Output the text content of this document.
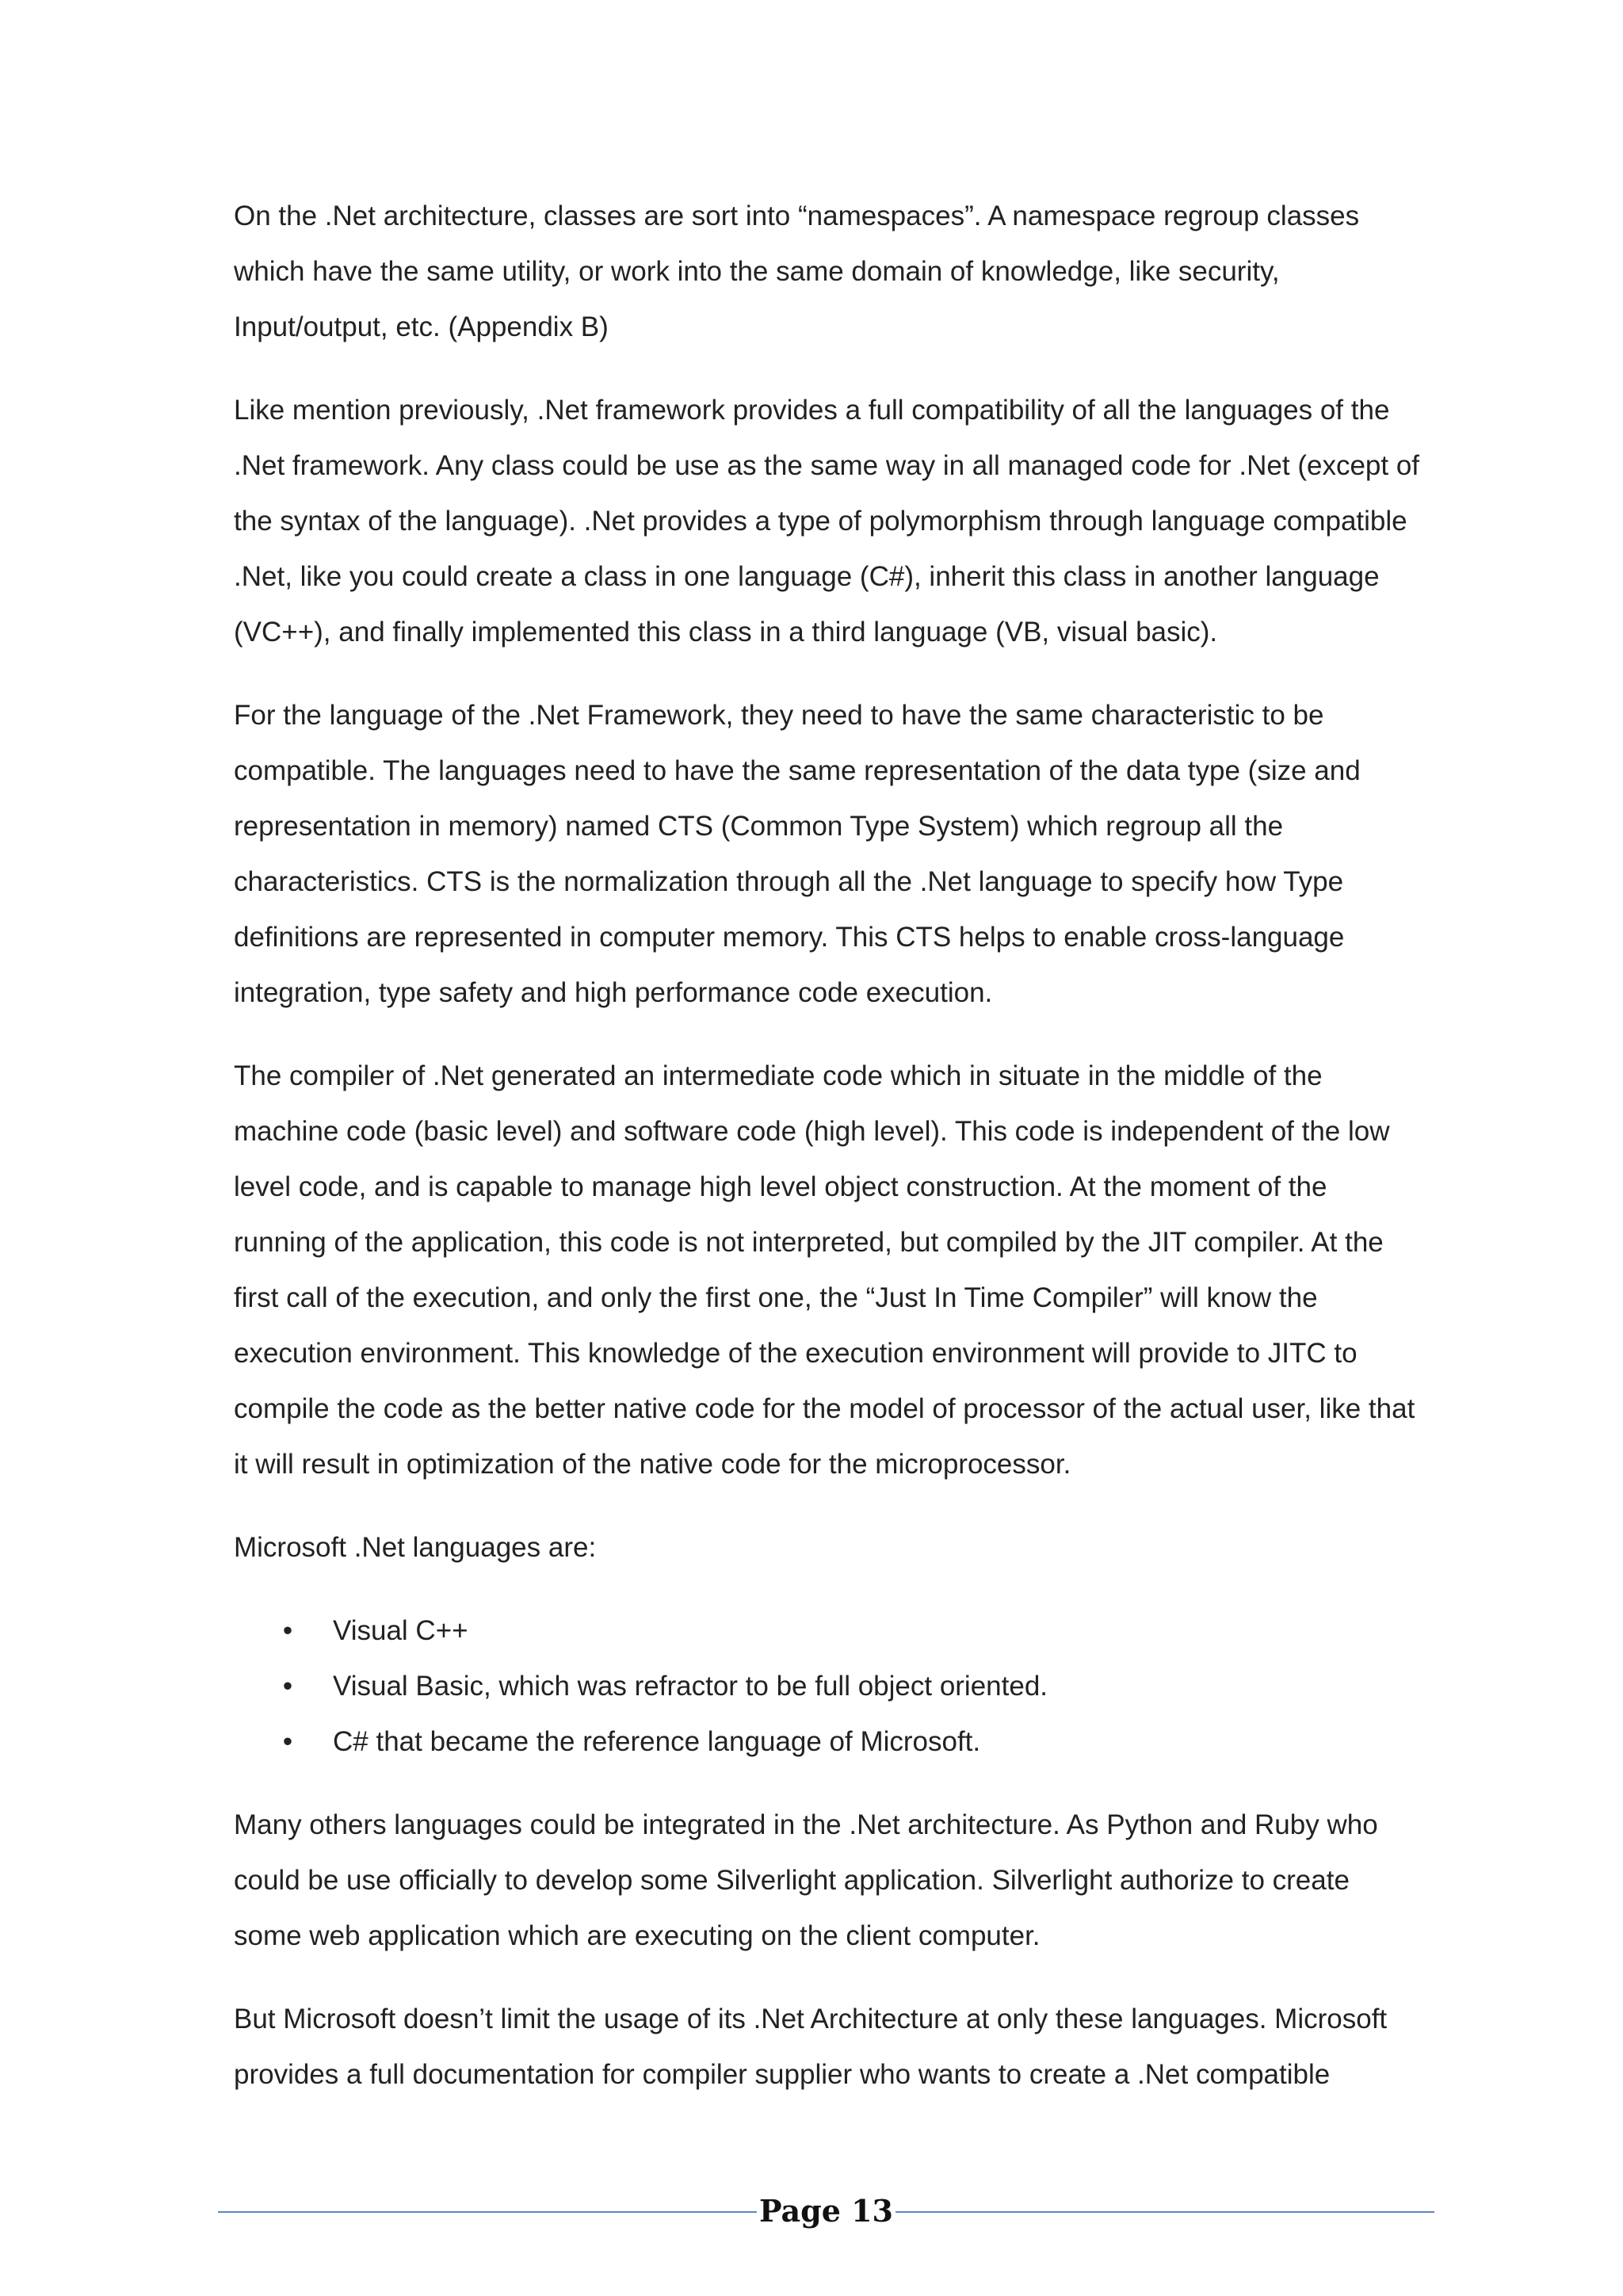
On the .Net architecture, classes are sort into “namespaces”. A namespace regroup classes which have the same utility, or work into the same domain of knowledge, like security, Input/output, etc. (Appendix B)

Like mention previously, .Net framework provides a full compatibility of all the languages of the .Net framework. Any class could be use as the same way in all managed code for .Net (except of the syntax of the language). .Net provides a type of polymorphism through language compatible .Net, like you could create a class in one language (C#), inherit this class in another language (VC++), and finally implemented this class in a third language (VB, visual basic).

For the language of the .Net Framework, they need to have the same characteristic to be compatible. The languages need to have the same representation of the data type (size and representation in memory) named CTS (Common Type System) which regroup all the characteristics. CTS is the normalization through all the .Net language to specify how Type definitions are represented in computer memory. This CTS helps to enable cross-language integration, type safety and high performance code execution.

The compiler of .Net generated an intermediate code which in situate in the middle of the machine code (basic level) and software code (high level). This code is independent of the low level code, and is capable to manage high level object construction. At the moment of the running of the application, this code is not interpreted, but compiled by the JIT compiler. At the first call of the execution, and only the first one, the “Just In Time Compiler” will know the execution environment. This knowledge of the execution environment will provide to JITC to compile the code as the better native code for the model of processor of the actual user, like that it will result in optimization of the native code for the microprocessor.

Microsoft .Net languages are:

• Visual C++
• Visual Basic, which was refractor to be full object oriented.
• C# that became the reference language of Microsoft.

Many others languages could be integrated in the .Net architecture. As Python and Ruby who could be use officially to develop some Silverlight application. Silverlight authorize to create some web application which are executing on the client computer.

But Microsoft doesn’t limit the usage of its .Net Architecture at only these languages. Microsoft provides a full documentation for compiler supplier who wants to create a .Net compatible

Page 13
